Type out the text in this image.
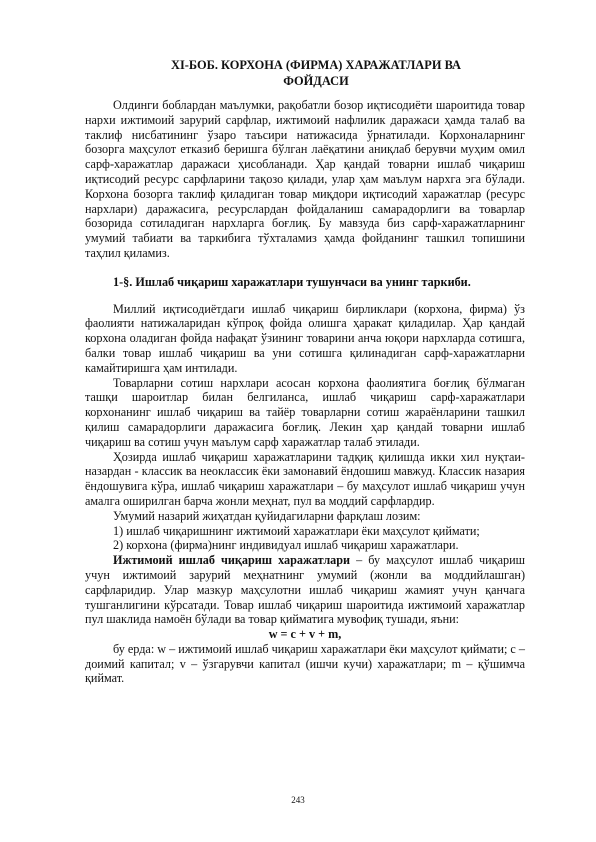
XI-БОБ. КОРХОНА (ФИРМА) ХАРАЖАТЛАРИ ВА
ФОЙДАСИ

Олдинги боблардан маълумки, рақобатли бозор иқтисодиёти шароитида товар нархи ижтимоий зарурий сарфлар, ижтимоий нафлилик даражаси ҳамда талаб ва таклиф нисбатининг ўзаро таъсири натижасида ўрнатилади. Корхоналарнинг бозорга маҳсулот етказиб беришга бўлган лаёқатини аниқлаб берувчи муҳим омил сарф-харажатлар даражаси ҳисобланади. Ҳар қандай товарни ишлаб чиқариш иқтисодий ресурс сарфларини тақозо қилади, улар ҳам маълум нархга эга бўлади. Корхона бозорга таклиф қиладиган товар миқдори иқтисодий харажатлар (ресурс нархлари) даражасига, ресурслардан фойдаланиш самарадорлиги ва товарлар бозорида сотиладиган нархларга боғлиқ. Бу мавзуда биз сарф-харажатларнинг умумий табиати ва таркибига тўхталамиз ҳамда фойданинг ташкил топишини таҳлил қиламиз.

1-§. Ишлаб чиқариш харажатлари тушунчаси ва унинг таркиби.

Миллий иқтисодиётдаги ишлаб чиқариш бирликлари (корхона, фирма) ўз фаолияти натижаларидан кўпроқ фойда олишга ҳаракат қиладилар. Ҳар қандай корхона оладиган фойда нафақат ўзининг товарини анча юқори нархларда сотишга, балки товар ишлаб чиқариш ва уни сотишга қилинадиган сарф-харажатларни камайтиришга ҳам интилади.

Товарларни сотиш нархлари асосан корхона фаолиятига боғлиқ бўлмаган ташқи шароитлар билан белгиланса, ишлаб чиқариш сарф-харажатлари корхонанинг ишлаб чиқариш ва тайёр товарларни сотиш жараёнларини ташкил қилиш самарадорлиги даражасига боғлиқ. Лекин ҳар қандай товарни ишлаб чиқариш ва сотиш учун маълум сарф харажатлар талаб этилади.

Ҳозирда ишлаб чиқариш харажатларини тадқиқ қилишда икки хил нуқтаи-назардан - классик ва неоклассик ёки замонавий ёндошиш мавжуд. Классик назария ёндошувига кўра, ишлаб чиқариш харажатлари – бу маҳсулот ишлаб чиқариш учун амалга оширилган барча жонли меҳнат, пул ва моддий сарфлардир.

Умумий назарий жиҳатдан қуйидагиларни фарқлаш лозим:

1) ишлаб чиқаришнинг ижтимоий харажатлари ёки маҳсулот қиймати;

2) корхона (фирма)нинг индивидуал ишлаб чиқариш харажатлари.

Ижтимоий ишлаб чиқариш харажатлари – бу маҳсулот ишлаб чиқариш учун ижтимоий зарурий меҳнатнинг умумий (жонли ва моддийлашган) сарфларидир. Улар мазкур маҳсулотни ишлаб чиқариш жамият учун қанчага тушганлигини кўрсатади. Товар ишлаб чиқариш шароитида ижтимоий харажатлар пул шаклида намоён бўлади ва товар қийматига мувофиқ тушади, яъни:

w = c + v + m,

бу ерда: w – ижтимоий ишлаб чиқариш харажатлари ёки маҳсулот қиймати; с – доимий капитал; v – ўзгарувчи капитал (ишчи кучи) харажатлари; m – қўшимча қиймат.

243
